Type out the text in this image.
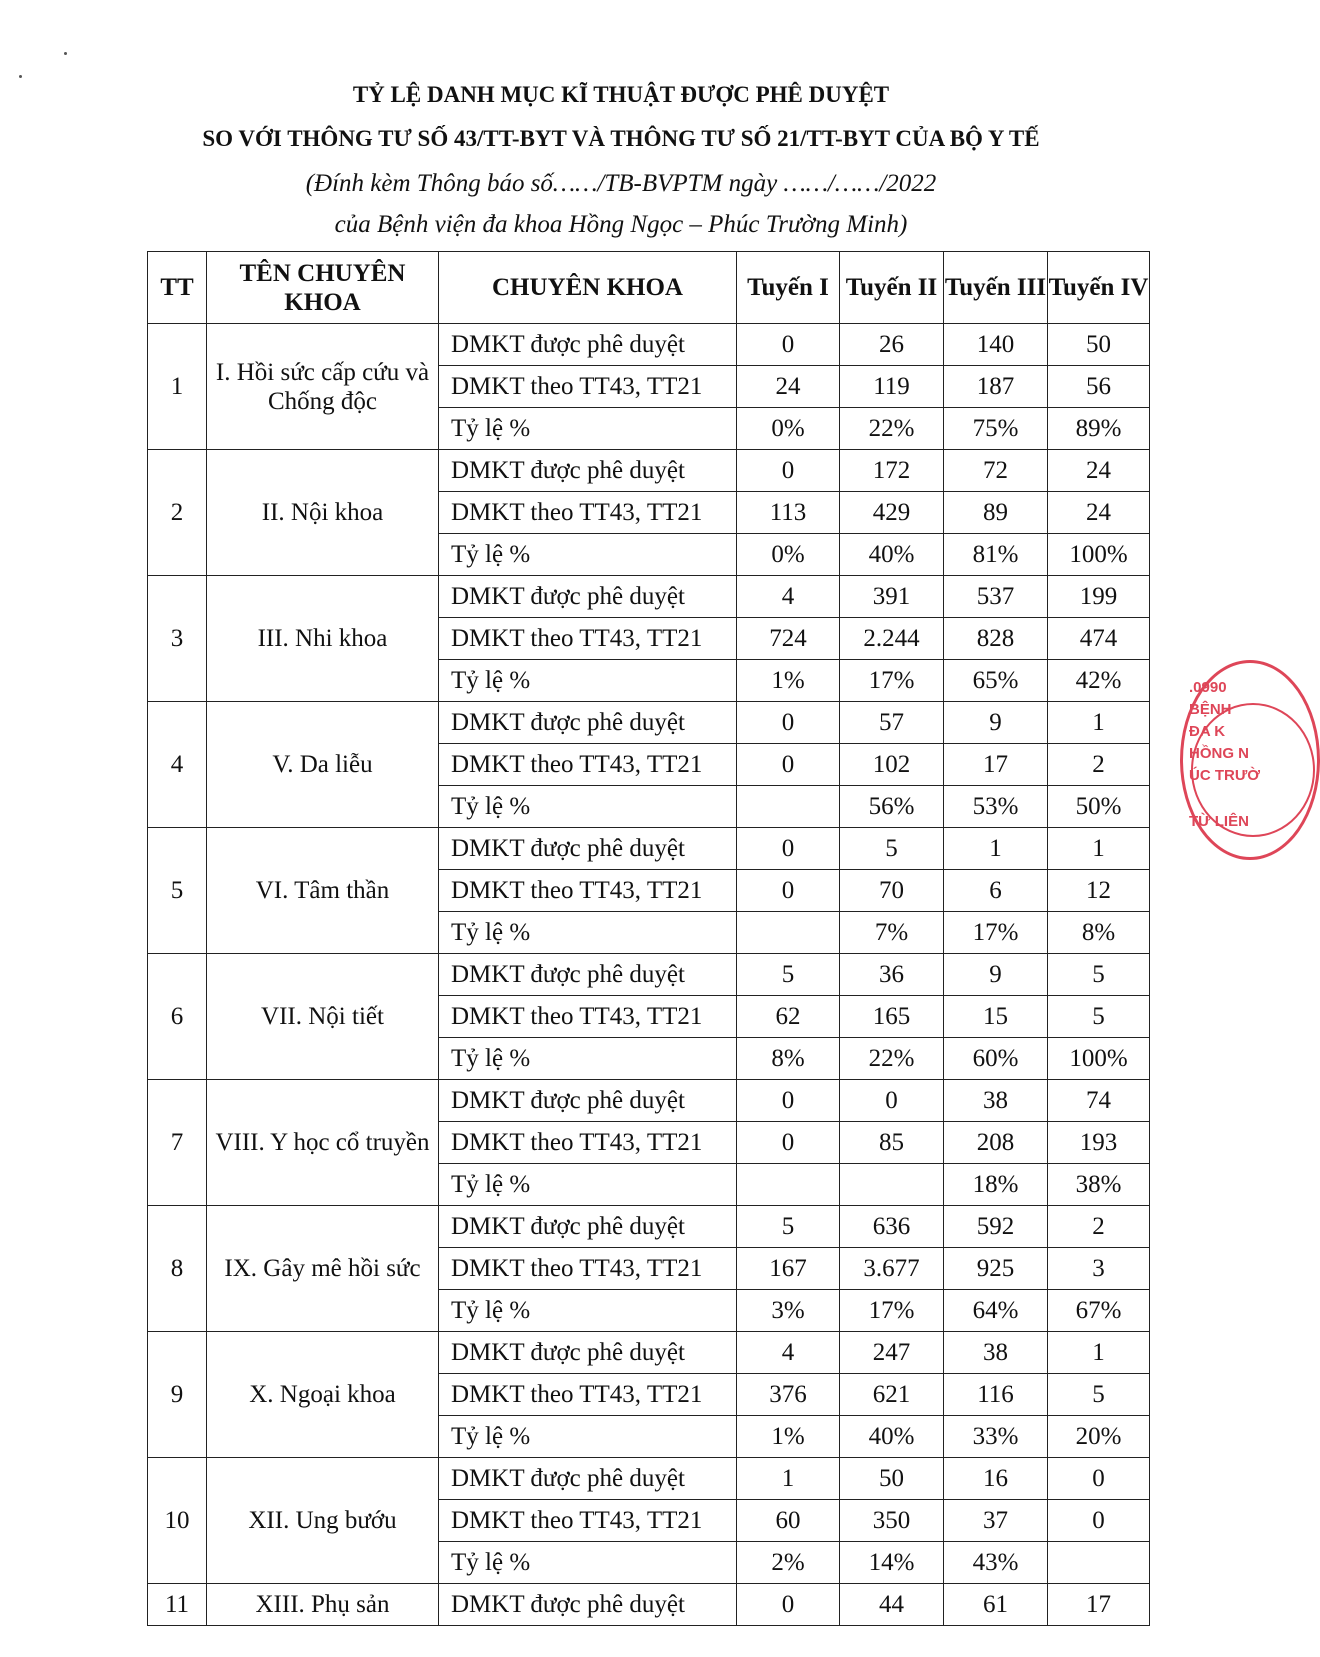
TỶ LỆ DANH MỤC KĨ THUẬT ĐƯỢC PHÊ DUYỆT
SO VỚI THÔNG TƯ SỐ 43/TT-BYT VÀ THÔNG TƯ SỐ 21/TT-BYT CỦA BỘ Y TẾ
(Đính kèm Thông báo số……/TB-BVPTM ngày ……/……/2022
của Bệnh viện đa khoa Hồng Ngọc – Phúc Trường Minh)
TT	TÊN CHUYÊN KHOA	CHUYÊN KHOA	Tuyến I	Tuyến II	Tuyến III	Tuyến IV
1	I. Hồi sức cấp cứu và Chống độc	DMKT được phê duyệt	0	26	140	50
		DMKT theo TT43, TT21	24	119	187	56
		Tỷ lệ %	0%	22%	75%	89%
2	II. Nội khoa	DMKT được phê duyệt	0	172	72	24
		DMKT theo TT43, TT21	113	429	89	24
		Tỷ lệ %	0%	40%	81%	100%
3	III. Nhi khoa	DMKT được phê duyệt	4	391	537	199
		DMKT theo TT43, TT21	724	2.244	828	474
		Tỷ lệ %	1%	17%	65%	42%
4	V. Da liễu	DMKT được phê duyệt	0	57	9	1
		DMKT theo TT43, TT21	0	102	17	2
		Tỷ lệ %		56%	53%	50%
5	VI. Tâm thần	DMKT được phê duyệt	0	5	1	1
		DMKT theo TT43, TT21	0	70	6	12
		Tỷ lệ %		7%	17%	8%
6	VII. Nội tiết	DMKT được phê duyệt	5	36	9	5
		DMKT theo TT43, TT21	62	165	15	5
		Tỷ lệ %	8%	22%	60%	100%
7	VIII. Y học cổ truyền	DMKT được phê duyệt	0	0	38	74
		DMKT theo TT43, TT21	0	85	208	193
		Tỷ lệ %			18%	38%
8	IX. Gây mê hồi sức	DMKT được phê duyệt	5	636	592	2
		DMKT theo TT43, TT21	167	3.677	925	3
		Tỷ lệ %	3%	17%	64%	67%
9	X. Ngoại khoa	DMKT được phê duyệt	4	247	38	1
		DMKT theo TT43, TT21	376	621	116	5
		Tỷ lệ %	1%	40%	33%	20%
10	XII. Ung bướu	DMKT được phê duyệt	1	50	16	0
		DMKT theo TT43, TT21	60	350	37	0
		Tỷ lệ %	2%	14%	43%	
11	XIII. Phụ sản	DMKT được phê duyệt	0	44	61	17
.0990
BỆNH
ĐA K
HỒNG N
ÚC TRƯỜ
TỪ LIÊN
